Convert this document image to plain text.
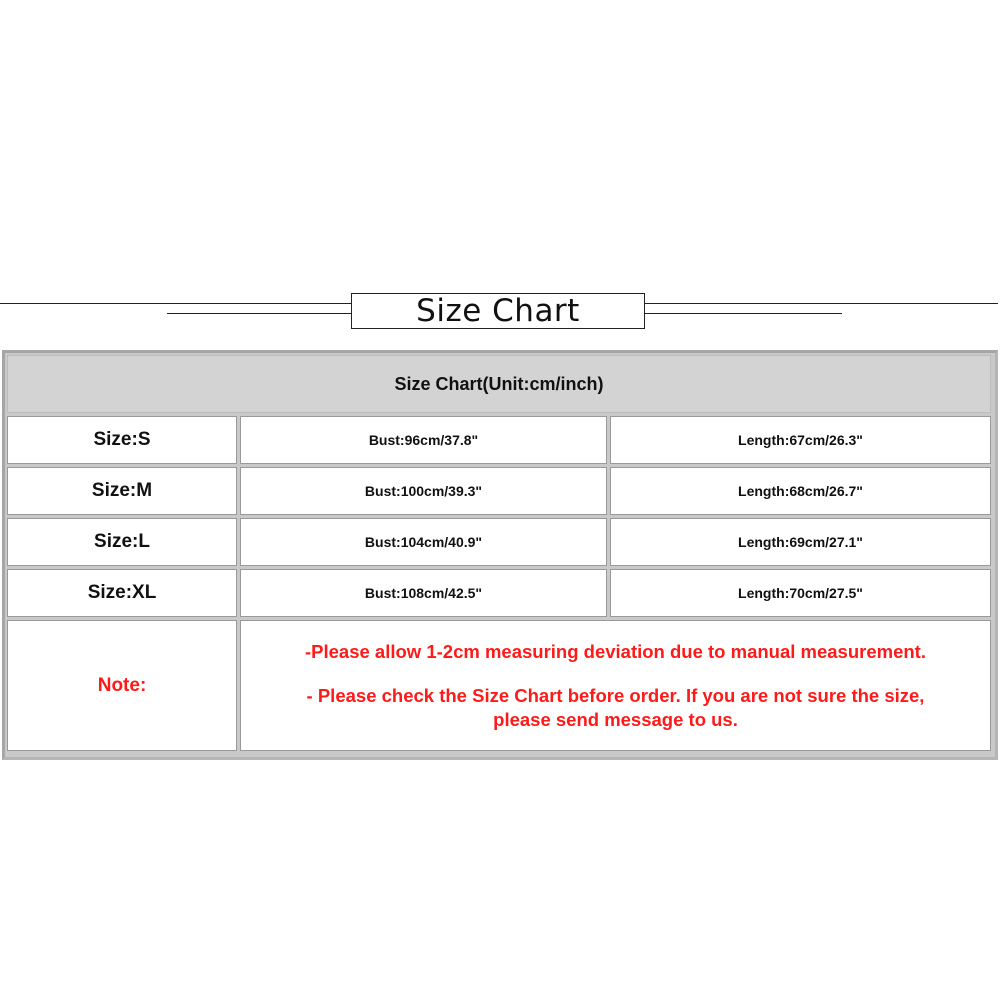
Size Chart
Size Chart(Unit:cm/inch)
Size:S	Bust:96cm/37.8"	Length:67cm/26.3"
Size:M	Bust:100cm/39.3"	Length:68cm/26.7"
Size:L	Bust:104cm/40.9"	Length:69cm/27.1"
Size:XL	Bust:108cm/42.5"	Length:70cm/27.5"
Note:

-Please allow 1-2cm measuring deviation due to manual measurement.

- Please check the Size Chart before order. If you are not sure the size,

please send message to us.
